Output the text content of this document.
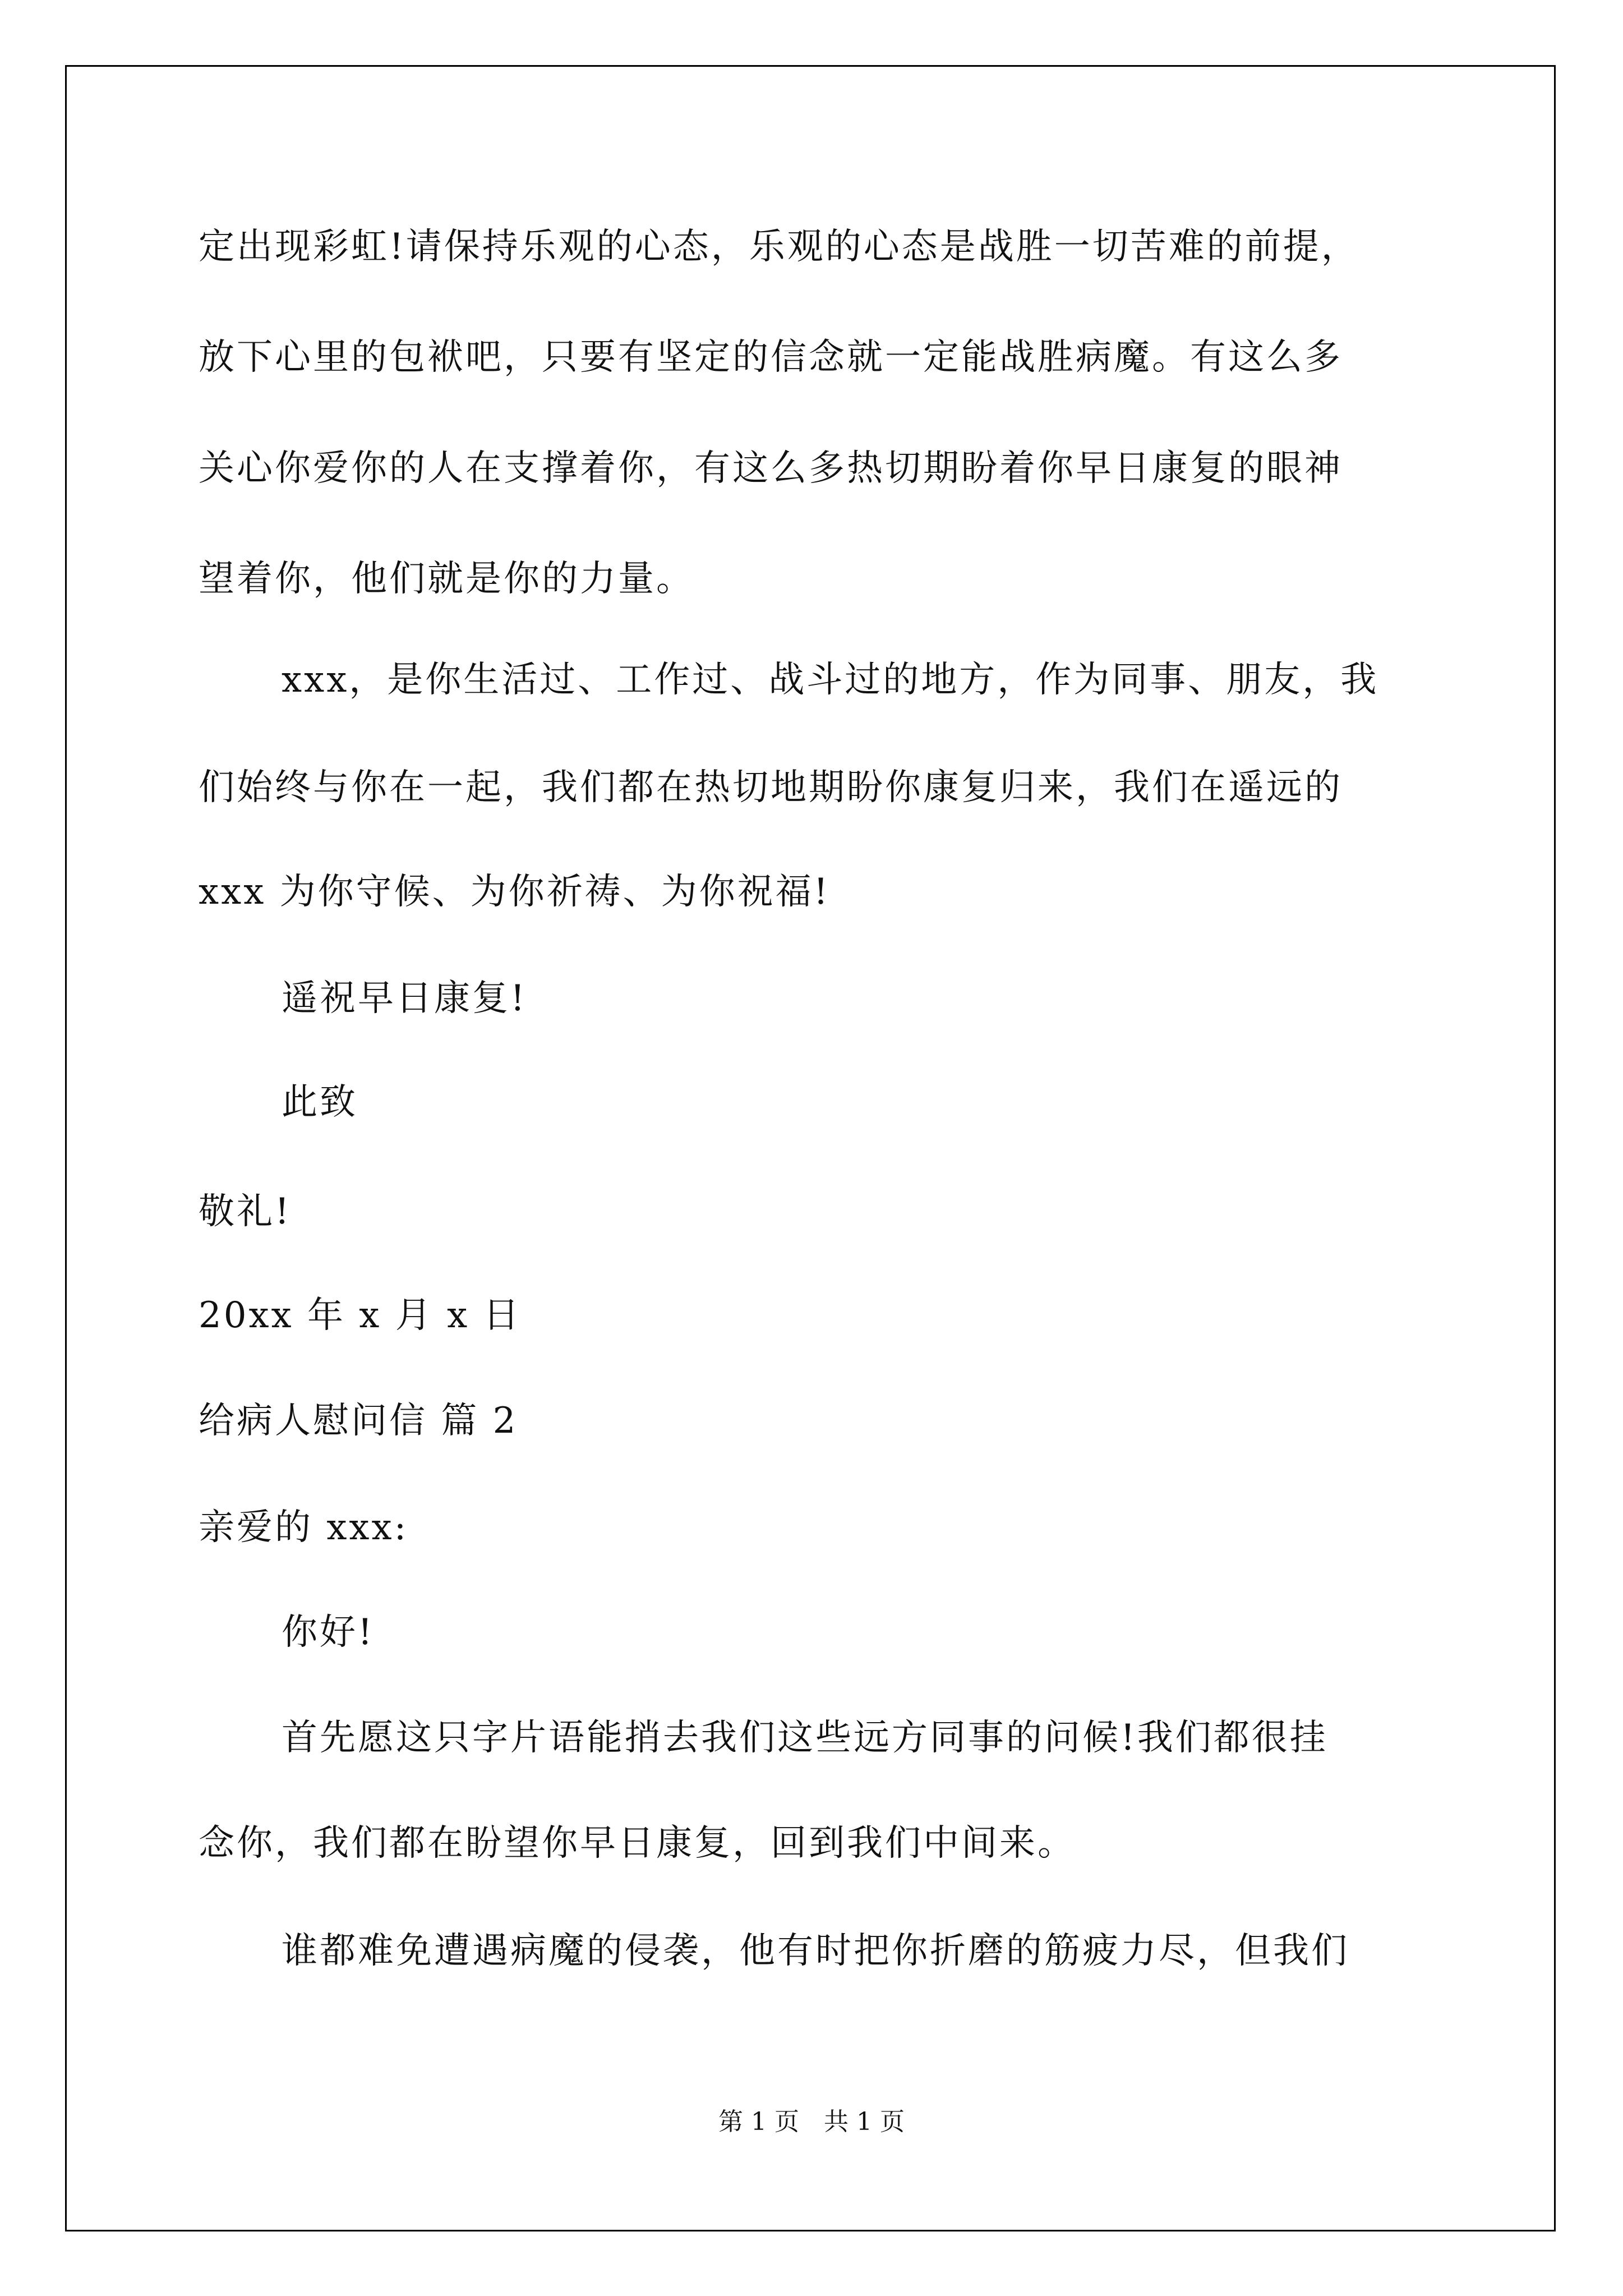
定出现彩虹!请保持乐观的心态，乐观的心态是战胜一切苦难的前提，
放下心里的包袱吧，只要有坚定的信念就一定能战胜病魔。有这么多
关心你爱你的人在支撑着你，有这么多热切期盼着你早日康复的眼神
望着你，他们就是你的力量。
xxx，是你生活过、工作过、战斗过的地方，作为同事、朋友，我
们始终与你在一起，我们都在热切地期盼你康复归来，我们在遥远的
xxx 为你守候、为你祈祷、为你祝福!
遥祝早日康复!
此致
敬礼!
20xx 年 x 月 x 日
给病人慰问信 篇 2
亲爱的 xxx:
你好!
首先愿这只字片语能捎去我们这些远方同事的问候!我们都很挂
念你，我们都在盼望你早日康复，回到我们中间来。
谁都难免遭遇病魔的侵袭，他有时把你折磨的筋疲力尽，但我们
第 1 页　共 1 页
